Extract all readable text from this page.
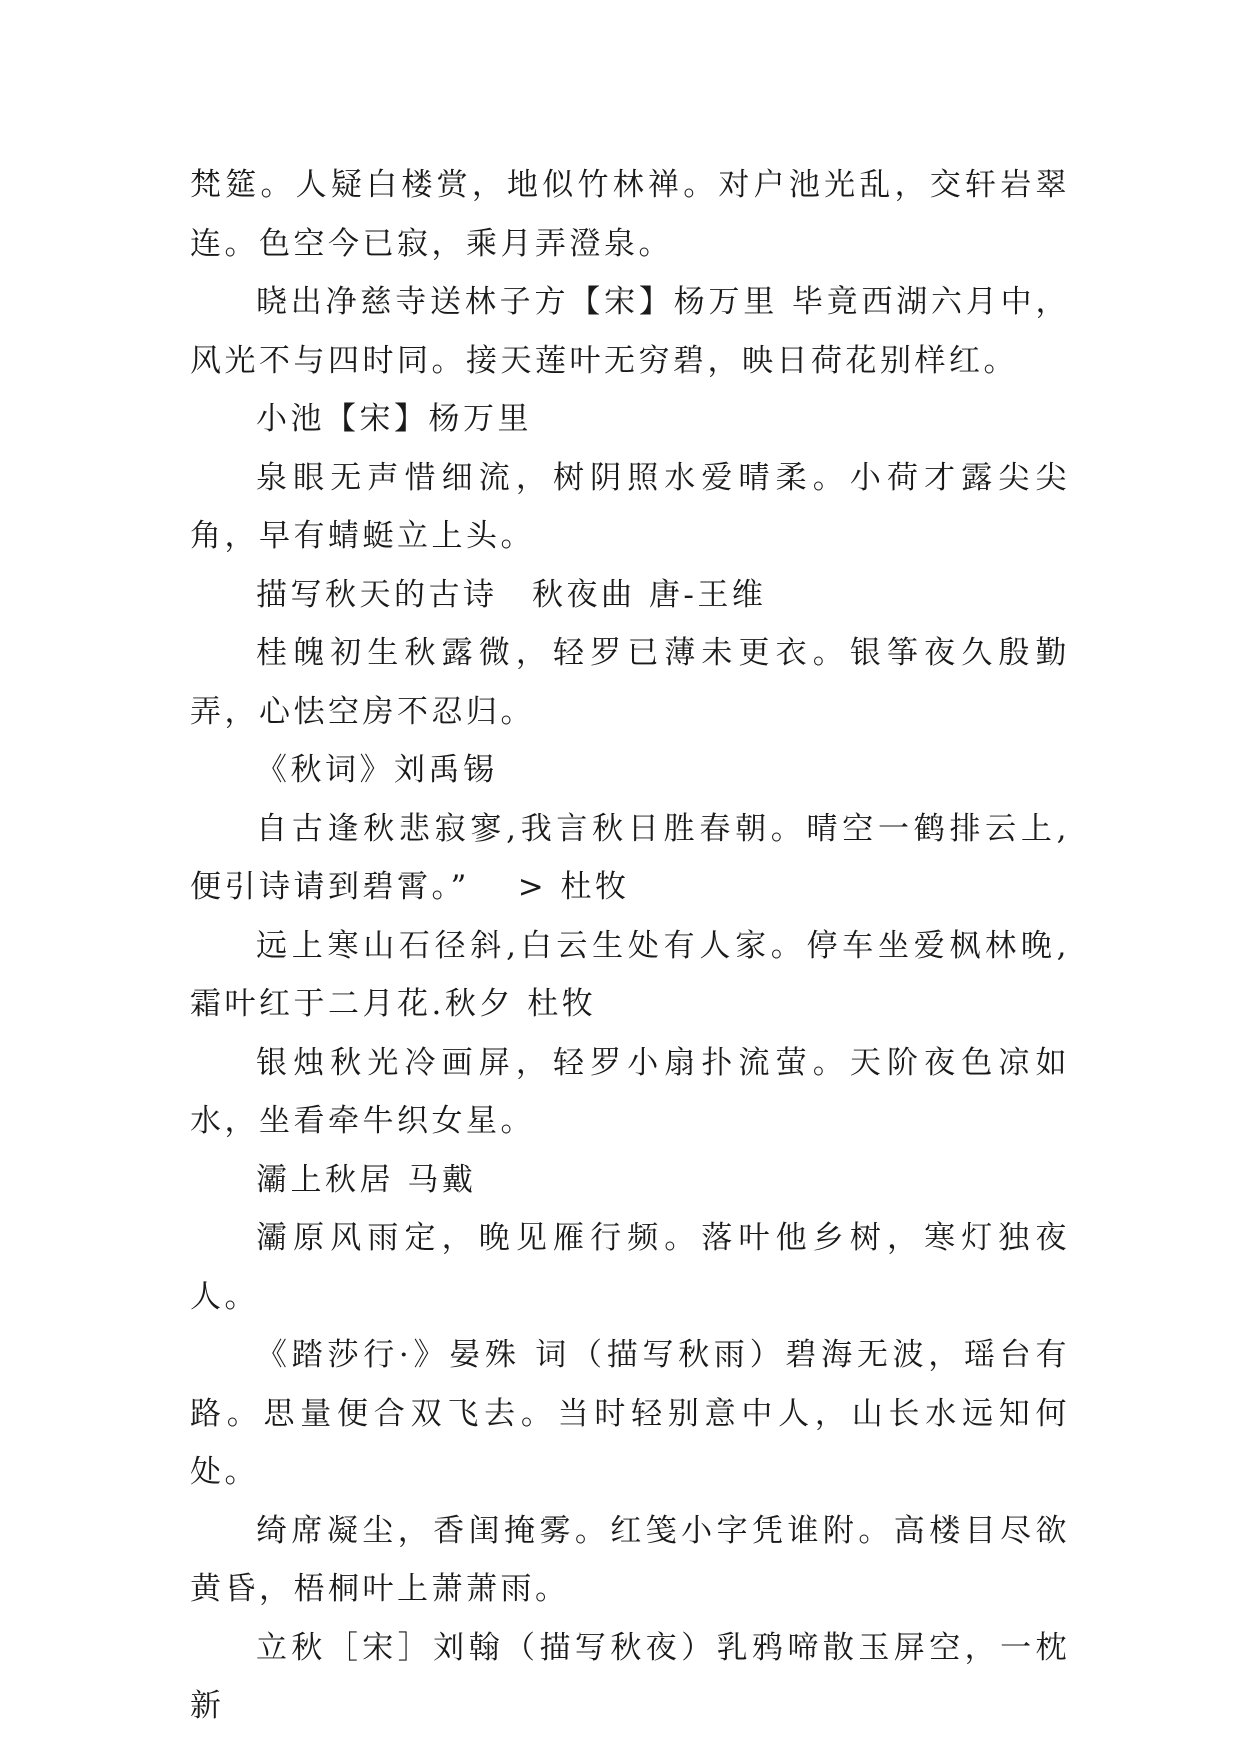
梵筵。人疑白楼赏，地似竹林禅。对户池光乱，交轩岩翠连。色空今已寂，乘月弄澄泉。

晓出净慈寺送林子方【宋】杨万里 毕竟西湖六月中，风光不与四时同。接天莲叶无穷碧，映日荷花别样红。

小池【宋】杨万里

泉眼无声惜细流，树阴照水爱晴柔。小荷才露尖尖角，早有蜻蜓立上头。

描写秋天的古诗　秋夜曲 唐-王维

桂魄初生秋露微，轻罗已薄未更衣。银筝夜久殷勤弄，心怯空房不忍归。

《秋词》刘禹锡

自古逢秋悲寂寥,我言秋日胜春朝。晴空一鹤排云上,便引诗请到碧霄。”　 > 杜牧

远上寒山石径斜,白云生处有人家。停车坐爱枫林晚,霜叶红于二月花.秋夕 杜牧

银烛秋光冷画屏，轻罗小扇扑流萤。天阶夜色凉如水，坐看牵牛织女星。

灞上秋居 马戴

灞原风雨定，晚见雁行频。落叶他乡树，寒灯独夜人。

《踏莎行·》晏殊 词（描写秋雨）碧海无波，瑶台有路。思量便合双飞去。当时轻别意中人，山长水远知何处。

绮席凝尘，香闺掩雾。红笺小字凭谁附。高楼目尽欲黄昏，梧桐叶上萧萧雨。

立秋［宋］刘翰（描写秋夜）乳鸦啼散玉屏空，一枕新
